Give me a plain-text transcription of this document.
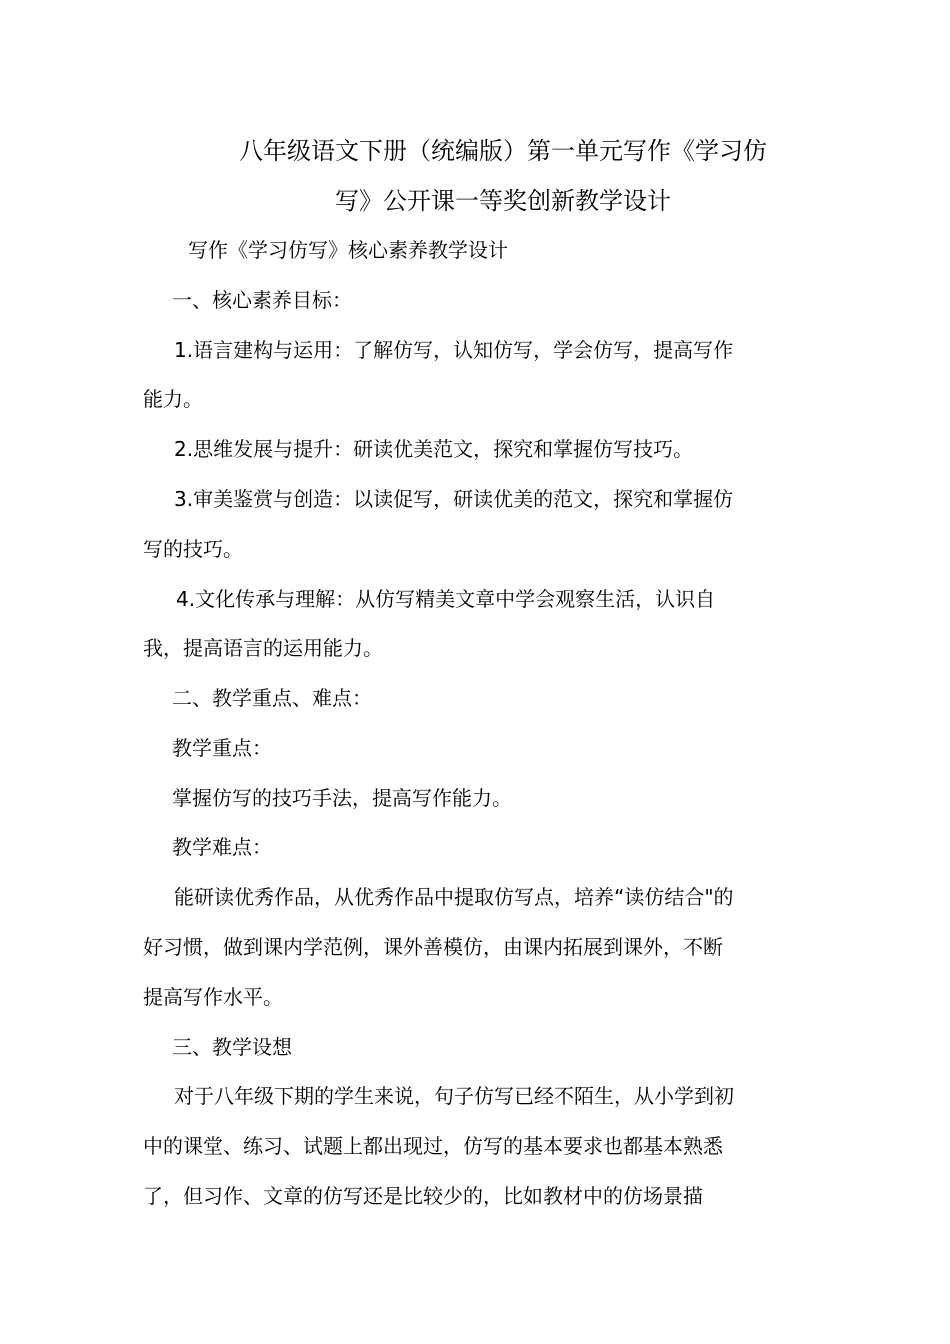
八年级语文下册（统编版）第一单元写作《学习仿
写》公开课一等奖创新教学设计
写作《学习仿写》核心素养教学设计
一、核心素养目标：
1.语言建构与运用：了解仿写，认知仿写，学会仿写，提高写作
能力。
2.思维发展与提升：研读优美范文，探究和掌握仿写技巧。
3.审美鉴赏与创造：以读促写，研读优美的范文，探究和掌握仿
写的技巧。
4.文化传承与理解：从仿写精美文章中学会观察生活，认识自
我，提高语言的运用能力。
二、教学重点、难点：
教学重点：
掌握仿写的技巧手法，提高写作能力。
教学难点：
能研读优秀作品，从优秀作品中提取仿写点，培养“读仿结合"的
好习惯，做到课内学范例，课外善模仿，由课内拓展到课外，不断
提高写作水平。
三、教学设想
对于八年级下期的学生来说，句子仿写已经不陌生，从小学到初
中的课堂、练习、试题上都出现过，仿写的基本要求也都基本熟悉
了，但习作、文章的仿写还是比较少的，比如教材中的仿场景描
